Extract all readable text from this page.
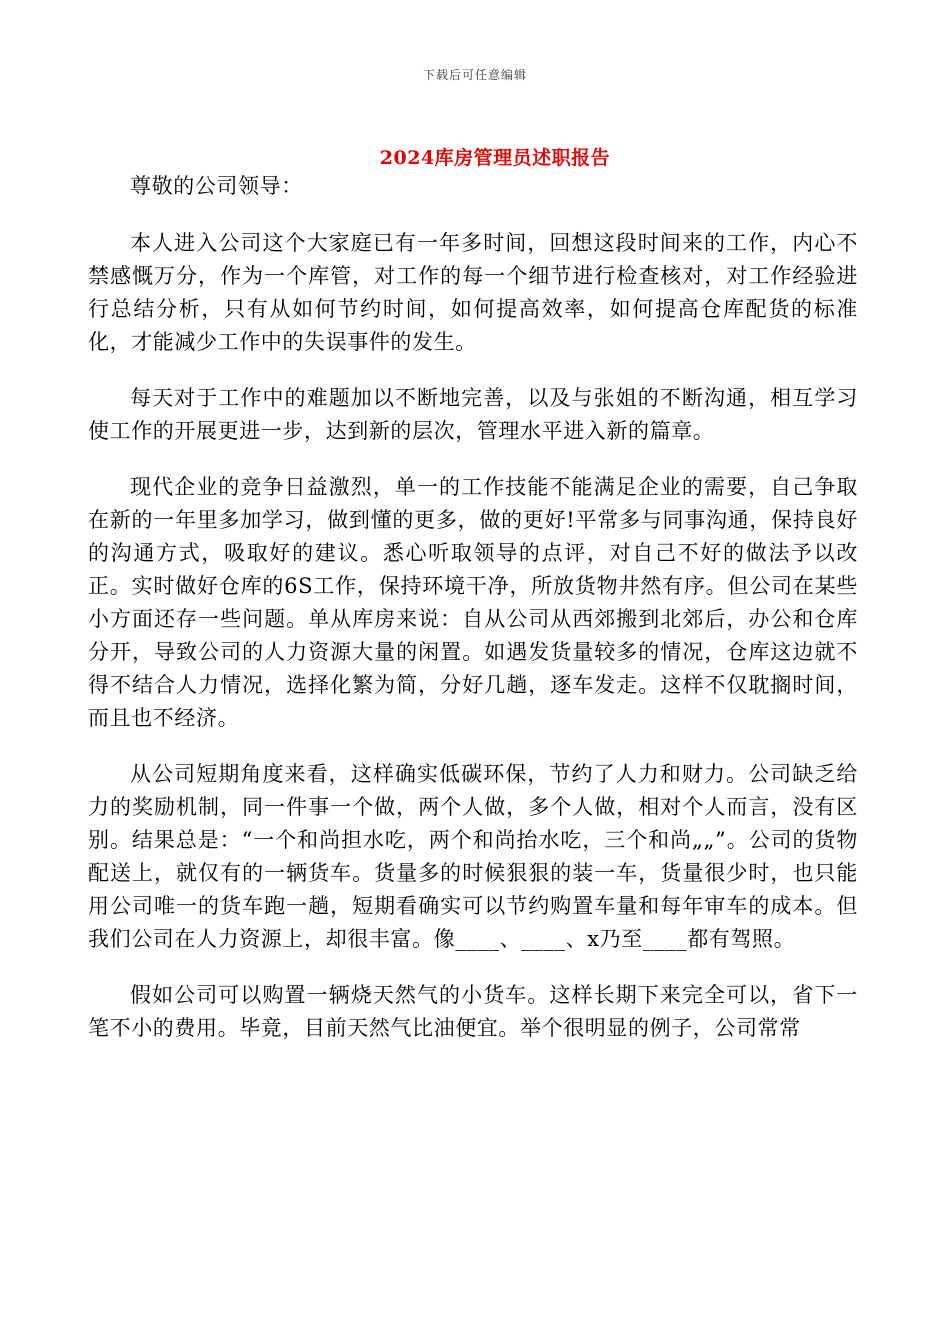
下载后可任意编辑
2024库房管理员述职报告

尊敬的公司领导：

本人进入公司这个大家庭已有一年多时间，回想这段时间来的工作，内心不禁感慨万分，作为一个库管，对工作的每一个细节进行检查核对，对工作经验进行总结分析，只有从如何节约时间，如何提高效率，如何提高仓库配货的标准化，才能减少工作中的失误事件的发生。

每天对于工作中的难题加以不断地完善，以及与张姐的不断沟通，相互学习使工作的开展更进一步，达到新的层次，管理水平进入新的篇章。

现代企业的竞争日益激烈，单一的工作技能不能满足企业的需要，自己争取在新的一年里多加学习，做到懂的更多，做的更好!平常多与同事沟通，保持良好的沟通方式，吸取好的建议。悉心听取领导的点评，对自己不好的做法予以改正。实时做好仓库的6S工作，保持环境干净，所放货物井然有序。但公司在某些小方面还存一些问题。单从库房来说：自从公司从西郊搬到北郊后，办公和仓库分开，导致公司的人力资源大量的闲置。如遇发货量较多的情况，仓库这边就不得不结合人力情况，选择化繁为简，分好几趟，逐车发走。这样不仅耽搁时间，而且也不经济。

从公司短期角度来看，这样确实低碳环保，节约了人力和财力。公司缺乏给力的奖励机制，同一件事一个做，两个人做，多个人做，相对个人而言，没有区别。结果总是：“一个和尚担水吃，两个和尚抬水吃，三个和尚„„”。公司的货物配送上，就仅有的一辆货车。货量多的时候狠狠的装一车，货量很少时，也只能用公司唯一的货车跑一趟，短期看确实可以节约购置车量和每年审车的成本。但我们公司在人力资源上，却很丰富。像____、____、x乃至____都有驾照。

假如公司可以购置一辆烧天然气的小货车。这样长期下来完全可以，省下一笔不小的费用。毕竟，目前天然气比油便宜。举个很明显的例子，公司常常
